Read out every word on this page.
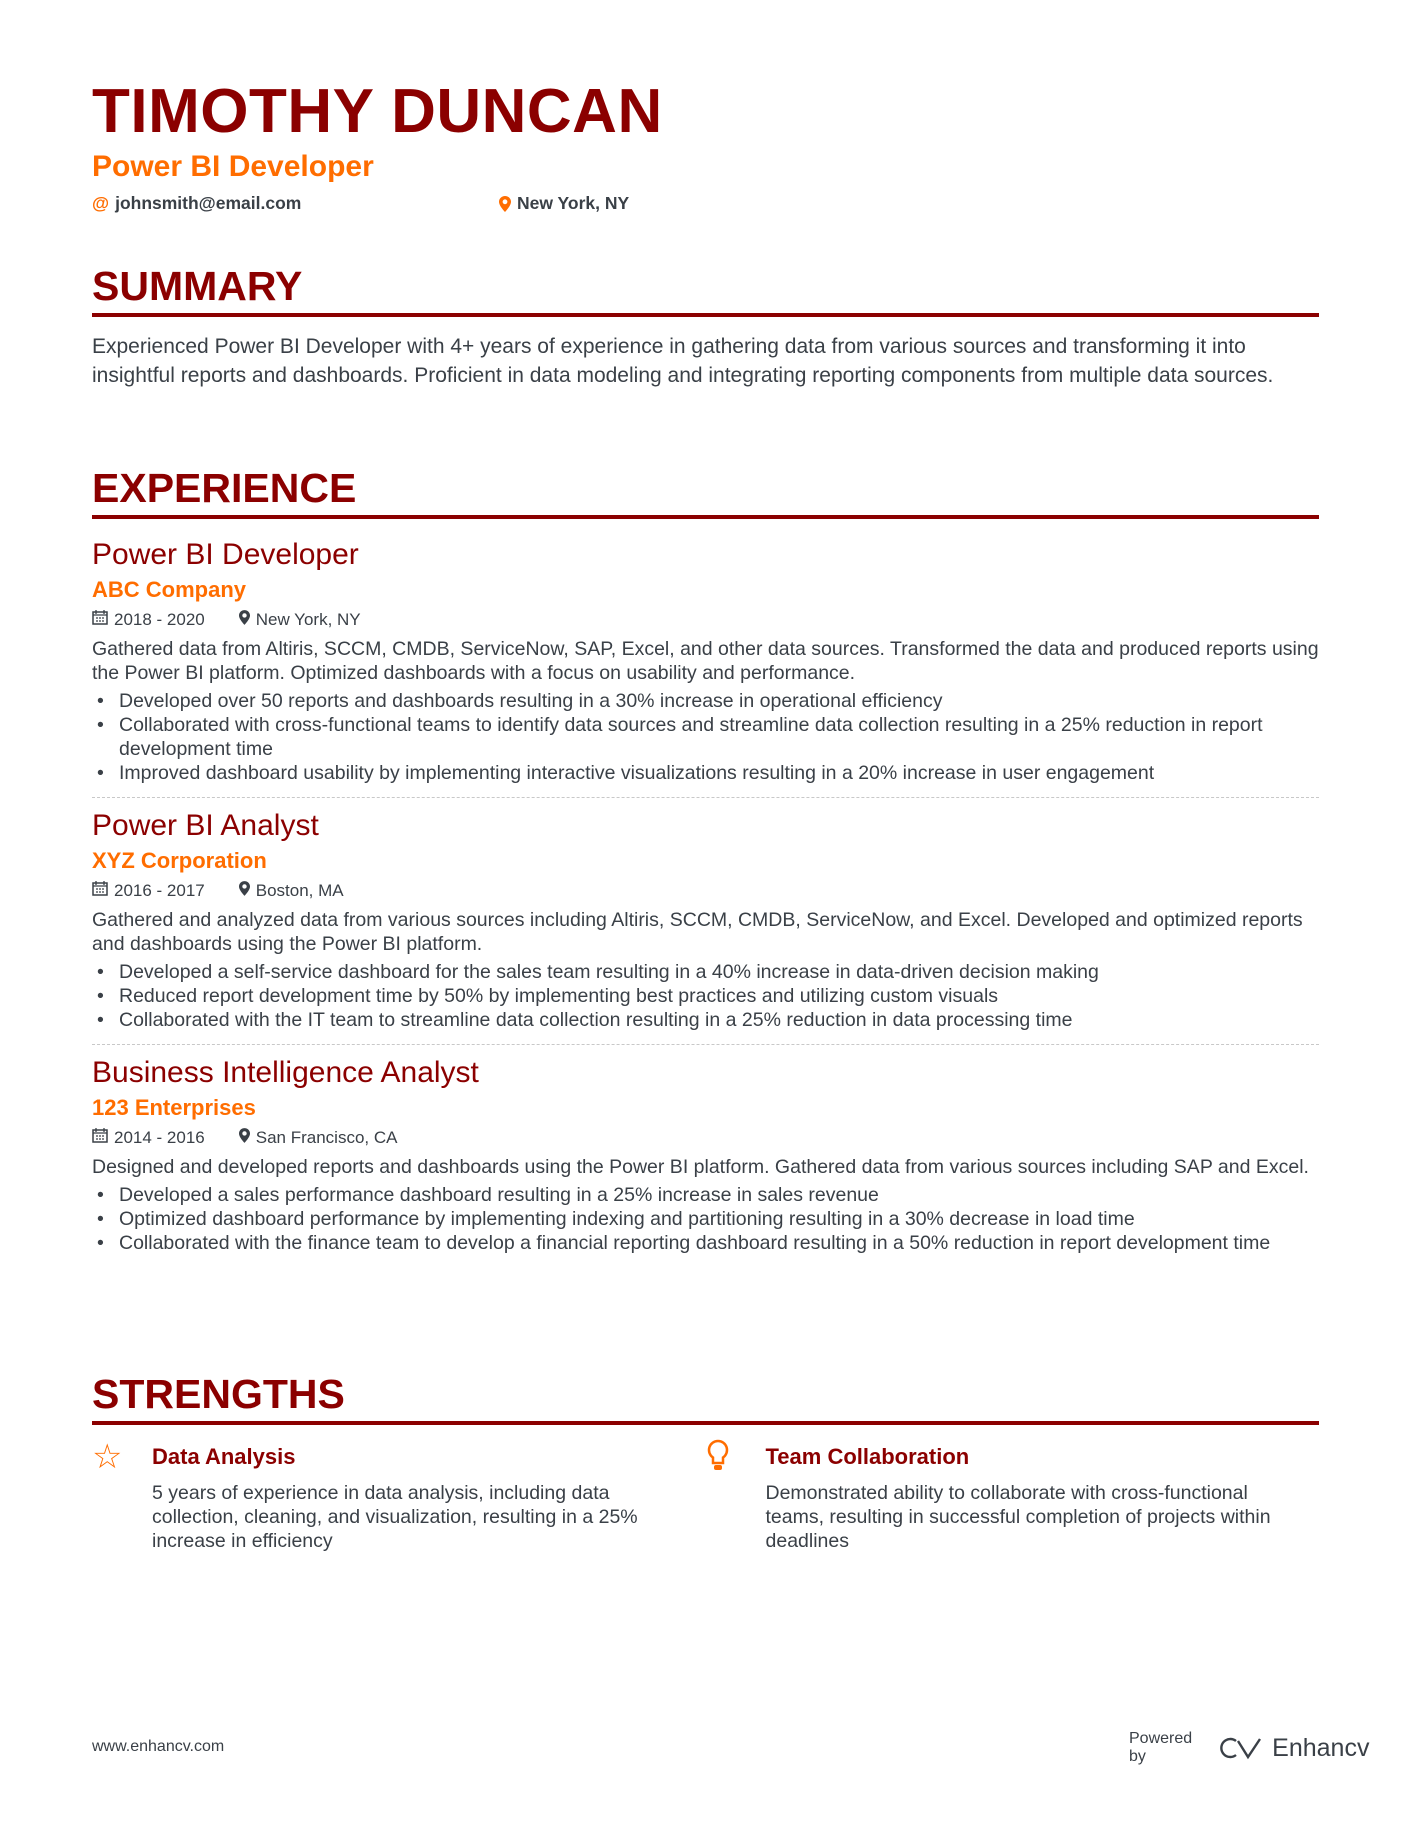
TIMOTHY DUNCAN
Power BI Developer
@ johnsmith@email.com	New York, NY
SUMMARY

Experienced Power BI Developer with 4+ years of experience in gathering data from various sources and transforming it into insightful reports and dashboards. Proficient in data modeling and integrating reporting components from multiple data sources.

EXPERIENCE
Power BI Developer
ABC Company
2018 - 2020	New York, NY

Gathered data from Altiris, SCCM, CMDB, ServiceNow, SAP, Excel, and other data sources. Transformed the data and produced reports using the Power BI platform. Optimized dashboards with a focus on usability and performance.

• Developed over 50 reports and dashboards resulting in a 30% increase in operational efficiency
• Collaborated with cross-functional teams to identify data sources and streamline data collection resulting in a 25% reduction in report development time
• Improved dashboard usability by implementing interactive visualizations resulting in a 20% increase in user engagement
Power BI Analyst
XYZ Corporation
2016 - 2017	Boston, MA

Gathered and analyzed data from various sources including Altiris, SCCM, CMDB, ServiceNow, and Excel. Developed and optimized reports and dashboards using the Power BI platform.

• Developed a self-service dashboard for the sales team resulting in a 40% increase in data-driven decision making
• Reduced report development time by 50% by implementing best practices and utilizing custom visuals
• Collaborated with the IT team to streamline data collection resulting in a 25% reduction in data processing time
Business Intelligence Analyst
123 Enterprises
2014 - 2016	San Francisco, CA

Designed and developed reports and dashboards using the Power BI platform. Gathered data from various sources including SAP and Excel.

• Developed a sales performance dashboard resulting in a 25% increase in sales revenue
• Optimized dashboard performance by implementing indexing and partitioning resulting in a 30% decrease in load time
• Collaborated with the finance team to develop a financial reporting dashboard resulting in a 50% reduction in report development time
STRENGTHS
☆	Data Analysis
5 years of experience in data analysis, including data collection, cleaning, and visualization, resulting in a 25% increase in efficiency
Team Collaboration
Demonstrated ability to collaborate with cross-functional teams, resulting in successful completion of projects within deadlines
www.enhancv.com	Powered by	Enhancv
